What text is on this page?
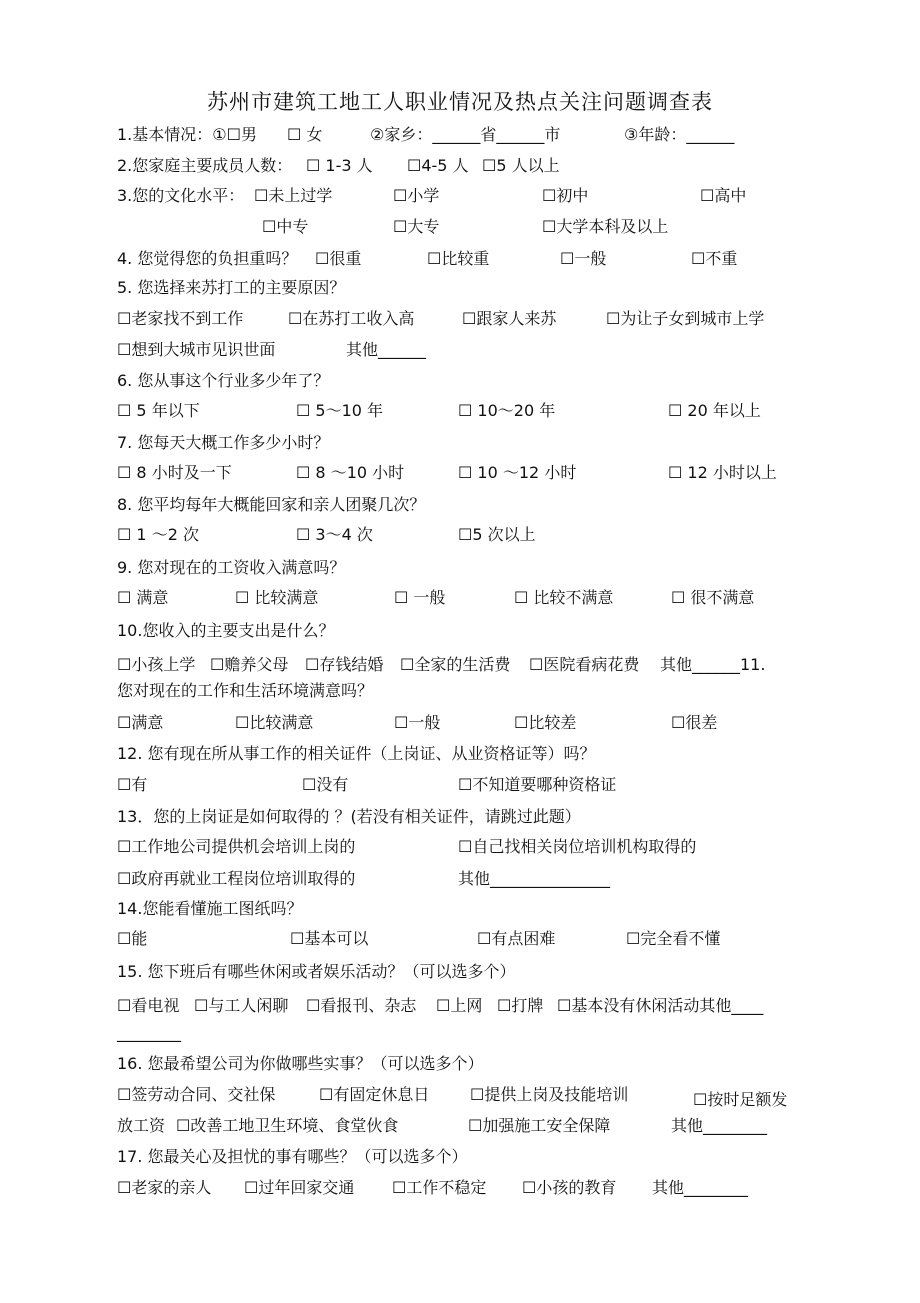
苏州市建筑工地工人职业情况及热点关注问题调查表
1.基本情况：①☐男 ☐ 女	②家乡：______省______市	③年龄：______
2.您家庭主要成员人数： ☐ 1-3 人 ☐4-5 人 ☐5 人以上
3.您的文化水平： ☐未上过学	☐小学	☐初中	☐高中
☐中专	☐大专	☐大学本科及以上
4. 您觉得您的负担重吗？ ☐很重	☐比较重	☐一般	☐不重
5. 您选择来苏打工的主要原因？
☐老家找不到工作	☐在苏打工收入高	☐跟家人来苏	☐为让子女到城市上学
☐想到大城市见识世面	其他______
6. 您从事这个行业多少年了？
☐ 5 年以下	☐ 5～10 年	☐ 10～20 年	☐ 20 年以上
7. 您每天大概工作多少小时？
☐ 8 小时及一下	☐ 8 ～10 小时	☐ 10 ～12 小时	☐ 12 小时以上
8. 您平均每年大概能回家和亲人团聚几次？
☐ 1 ～2 次	☐ 3～4 次	☐5 次以上
9. 您对现在的工资收入满意吗？
☐ 满意	☐ 比较满意	☐ 一般	☐ 比较不满意	☐ 很不满意
10.您收入的主要支出是什么？
☐小孩上学 ☐赡养父母 ☐存钱结婚 ☐全家的生活费 ☐医院看病花费 其他______11.
您对现在的工作和生活环境满意吗？
☐满意	☐比较满意	☐一般	☐比较差	☐很差
12. 您有现在所从事工作的相关证件（上岗证、从业资格证等）吗？
☐有	☐没有	☐不知道要哪种资格证
13．您的上岗证是如何取得的 ？(若没有相关证件，请跳过此题）
☐工作地公司提供机会培训上岗的	☐自己找相关岗位培训机构取得的
☐政府再就业工程岗位培训取得的	其他_______________
14.您能看懂施工图纸吗？
☐能	☐基本可以	☐有点困难	☐完全看不懂
15. 您下班后有哪些休闲或者娱乐活动？（可以选多个）
☐看电视 ☐与工人闲聊 ☐看报刊、杂志 ☐上网 ☐打牌 ☐基本没有休闲活动其他____
________
16. 您最希望公司为你做哪些实事？（可以选多个）
☐签劳动合同、交社保	☐有固定休息日	☐提供上岗及技能培训	☐按时足额发
放工资 ☐改善工地卫生环境、食堂伙食	☐加强施工安全保障	其他________
17. 您最关心及担忧的事有哪些？（可以选多个）
☐老家的亲人 ☐过年回家交通 ☐工作不稳定 ☐小孩的教育 其他________
